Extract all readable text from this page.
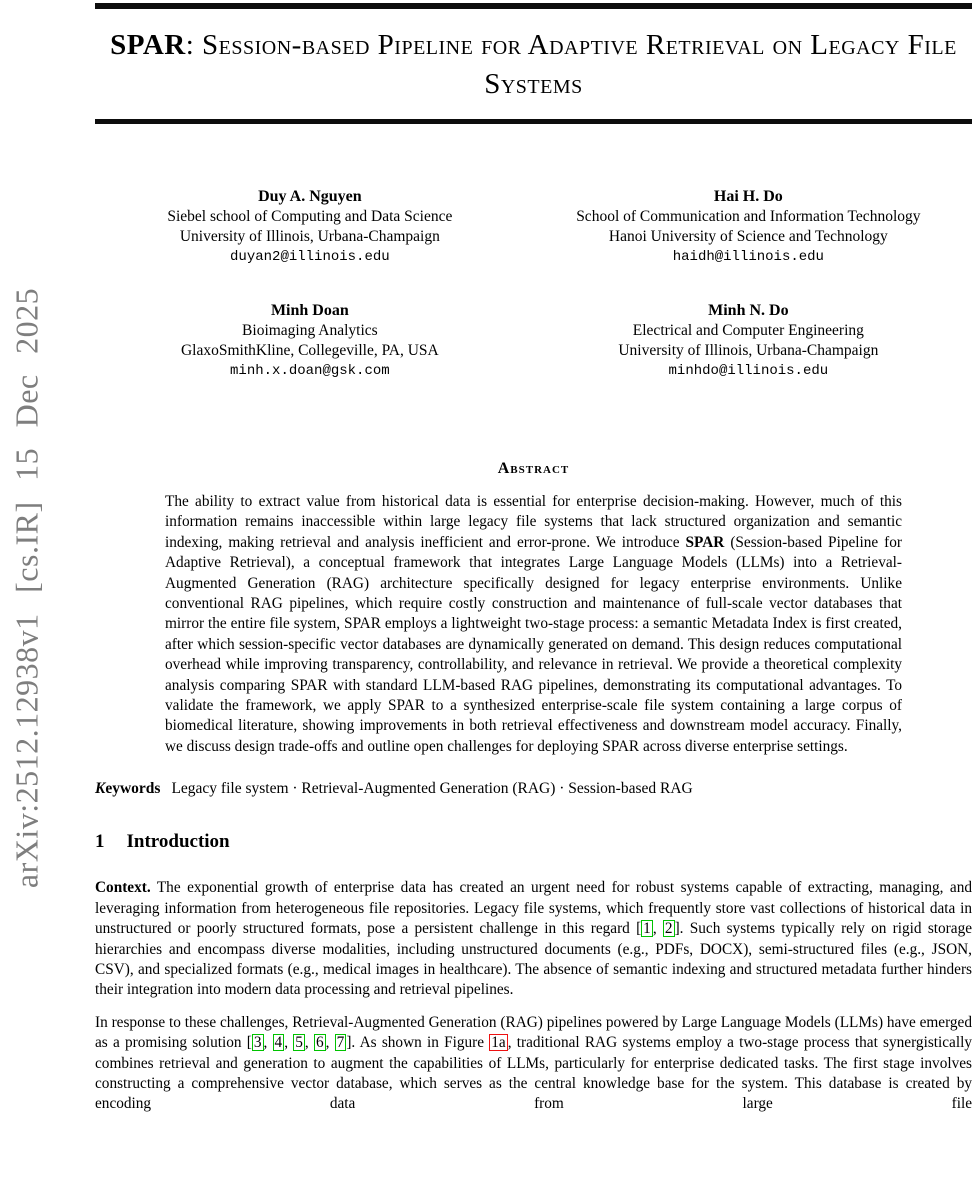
arXiv:2512.12938v1 [cs.IR] 15 Dec 2025
SPAR: Session-based Pipeline for Adaptive Retrieval on Legacy File Systems
Duy A. Nguyen
Siebel school of Computing and Data Science
University of Illinois, Urbana-Champaign
duyan2@illinois.edu
Hai H. Do
School of Communication and Information Technology
Hanoi University of Science and Technology
haidh@illinois.edu
Minh Doan
Bioimaging Analytics
GlaxoSmithKline, Collegeville, PA, USA
minh.x.doan@gsk.com
Minh N. Do
Electrical and Computer Engineering
University of Illinois, Urbana-Champaign
minhdo@illinois.edu
Abstract
The ability to extract value from historical data is essential for enterprise decision-making. However, much of this information remains inaccessible within large legacy file systems that lack structured organization and semantic indexing, making retrieval and analysis inefficient and error-prone. We introduce SPAR (Session-based Pipeline for Adaptive Retrieval), a conceptual framework that integrates Large Language Models (LLMs) into a Retrieval-Augmented Generation (RAG) architecture specifically designed for legacy enterprise environments. Unlike conventional RAG pipelines, which require costly construction and maintenance of full-scale vector databases that mirror the entire file system, SPAR employs a lightweight two-stage process: a semantic Metadata Index is first created, after which session-specific vector databases are dynamically generated on demand. This design reduces computational overhead while improving transparency, controllability, and relevance in retrieval. We provide a theoretical complexity analysis comparing SPAR with standard LLM-based RAG pipelines, demonstrating its computational advantages. To validate the framework, we apply SPAR to a synthesized enterprise-scale file system containing a large corpus of biomedical literature, showing improvements in both retrieval effectiveness and downstream model accuracy. Finally, we discuss design trade-offs and outline open challenges for deploying SPAR across diverse enterprise settings.
Keywords Legacy file system · Retrieval-Augmented Generation (RAG) · Session-based RAG
1 Introduction

Context. The exponential growth of enterprise data has created an urgent need for robust systems capable of extracting, managing, and leveraging information from heterogeneous file repositories. Legacy file systems, which frequently store vast collections of historical data in unstructured or poorly structured formats, pose a persistent challenge in this regard [ 1 , 2 ]. Such systems typically rely on rigid storage hierarchies and encompass diverse modalities, including unstructured documents (e.g., PDFs, DOCX), semi-structured files (e.g., JSON, CSV), and specialized formats (e.g., medical images in healthcare). The absence of semantic indexing and structured metadata further hinders their integration into modern data processing and retrieval pipelines.

In response to these challenges, Retrieval-Augmented Generation (RAG) pipelines powered by Large Language Models (LLMs) have emerged as a promising solution [ 3 , 4 , 5 , 6 , 7 ]. As shown in Figure 1a , traditional RAG systems employ a two-stage process that synergistically combines retrieval and generation to augment the capabilities of LLMs, particularly for enterprise dedicated tasks. The first stage involves constructing a comprehensive vector database, which serves as the central knowledge base for the system. This database is created by encoding data from large file
